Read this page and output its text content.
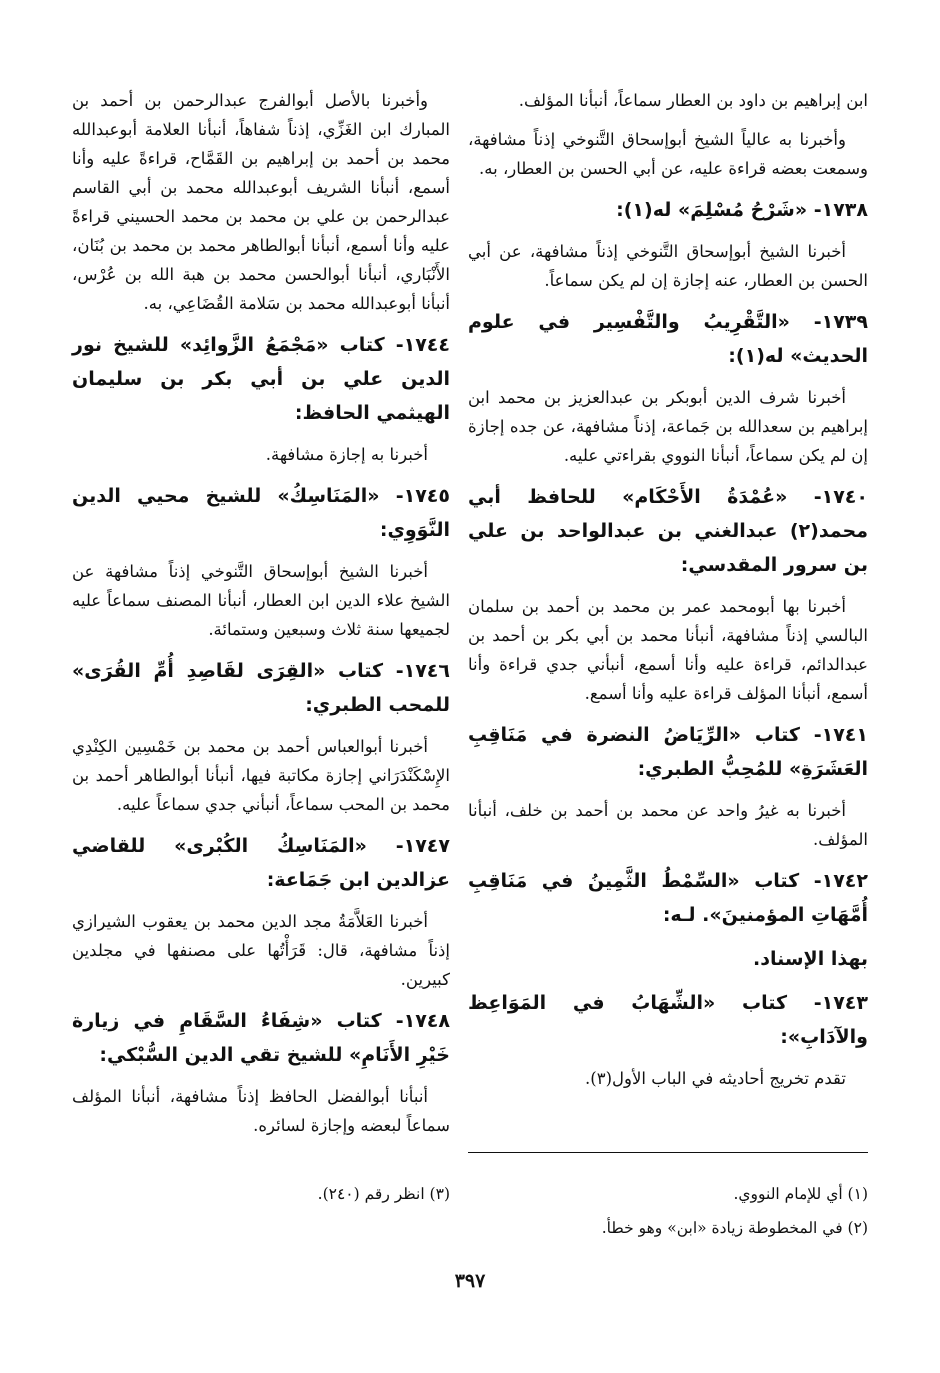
ابن إبراهيم بن داود بن العطار سماعاً، أنبأنا المؤلف.
وأخبرنا به عالياً الشيخ أبوإسحاق التَّنوخي إذناً مشافهة، وسمعت بعضه قراءة عليه، عن أبي الحسن بن العطار، به.
١٧٣٨- «شَرْحُ مُسْلِمَ» له(١):
أخبرنا الشيخ أبوإسحاق التَّنوخي إذناً مشافهة، عن أبي الحسن بن العطار، عنه إجازة إن لم يكن سماعاً.
١٧٣٩- «التَّقْرِيبُ والتَّفْسِير في علوم الحديث» له(١):
أخبرنا شرف الدين أبوبكر بن عبدالعزيز بن محمد ابن إبراهيم بن سعدالله بن جَماعة، إذناً مشافهة، عن جده إجازة إن لم يكن سماعاً، أنبأنا النووي بقراءتي عليه.
١٧٤٠- «عُمْدَةُ الأَحْكَام» للحافظ أبي محمد(٢) عبدالغني بن عبدالواحد بن علي بن سرور المقدسي:
أخبرنا بها أبومحمد عمر بن محمد بن أحمد بن سلمان البالسي إذناً مشافهة، أنبأنا محمد بن أبي بكر بن أحمد بن عبدالدائم، قراءة عليه وأنا أسمع، أنبأني جدي قراءة وأنا أسمع، أنبأنا المؤلف قراءة عليه وأنا أسمع.
١٧٤١- كتاب «الرِّيَاضُ النضرة في مَنَاقِبِ العَشَرَةِ» للمُحِبُّ الطبري:
أخبرنا به غيرُ واحد عن محمد بن أحمد بن خلف، أنبأنا المؤلف.
١٧٤٢- كتاب «السِّمْطُ الثَّمِينُ في مَنَاقِبِ أُمَّهَاتِ المؤمنينَ». لـه:
بهذا الإسناد.
١٧٤٣- كتاب «الشِّهَابُ في المَوَاعِظ والآدَابِ»:
تقدم تخريج أحاديثه في الباب الأول(٣).
وأخبرنا بالأصل أبوالفرج عبدالرحمن بن أحمد بن المبارك ابن الغَزِّي، إذناً شفاهاً، أنبأنا العلامة أبوعبدالله محمد بن أحمد بن إبراهيم بن القَمَّاح، قراءةً عليه وأنا أسمع، أنبأنا الشريف أبوعبدالله محمد بن أبي القاسم عبدالرحمن بن علي بن محمد بن محمد الحسيني قراءةً عليه وأنا أسمع، أنبأنا أبوالطاهر محمد بن محمد بن بُنَان، الأَنْبَاري، أنبأنا أبوالحسن محمد بن هبة الله بن عُرْس، أنبأنا أبوعبدالله محمد بن سَلامة القُضَاعِي، به.
١٧٤٤- كتاب «مَجْمَعُ الزَّوائِد» للشيخ نور الدين علي بن أبي بكر بن سليمان الهيثمي الحافظ:
أخبرنا به إجازة مشافهة.
١٧٤٥- «المَنَاسِكُ» للشيخ محيي الدين النَّوَوِي:
أخبرنا الشيخ أبوإسحاق التَّنوخي إذناً مشافهة عن الشيخ علاء الدين ابن العطار، أنبأنا المصنف سماعاً عليه لجميعها سنة ثلاث وسبعين وستمائة.
١٧٤٦- كتاب «القِرَى لقَاصِدِ أُمِّ القُرَى» للمحب الطبري:
أخبرنا أبوالعباس أحمد بن محمد بن خَمْسِين الكِنْدِي الإِسْكَنْدَرَاني إجازة مكاتبة فيها، أنبأنا أبوالطاهر أحمد بن محمد بن المحب سماعاً، أنبأني جدي سماعاً عليه.
١٧٤٧- «المَنَاسِكُ الكُبْرى» للقاضي عزالدين ابن جَمَاعة:
أخبرنا العَلاَّمَةُ مجد الدين محمد بن يعقوب الشيرازي إذناً مشافهة، قال: قَرَأْتُها على مصنفها في مجلدين كبيرين.
١٧٤٨- كتاب «شِفَاءُ السَّقَامِ في زيارة خَيْرِ الأَنَامِ» للشيخ تقي الدين السُّبْكي:
أنبأنا أبوالفضل الحافظ إذناً مشافهة، أنبأنا المؤلف سماعاً لبعضه وإجازة لسائره.
(١) أي للإمام النووي.
(٢) في المخطوطة زيادة «ابن» وهو خطأ.
(٣) انظر رقم (٢٤٠).
٣٩٧
